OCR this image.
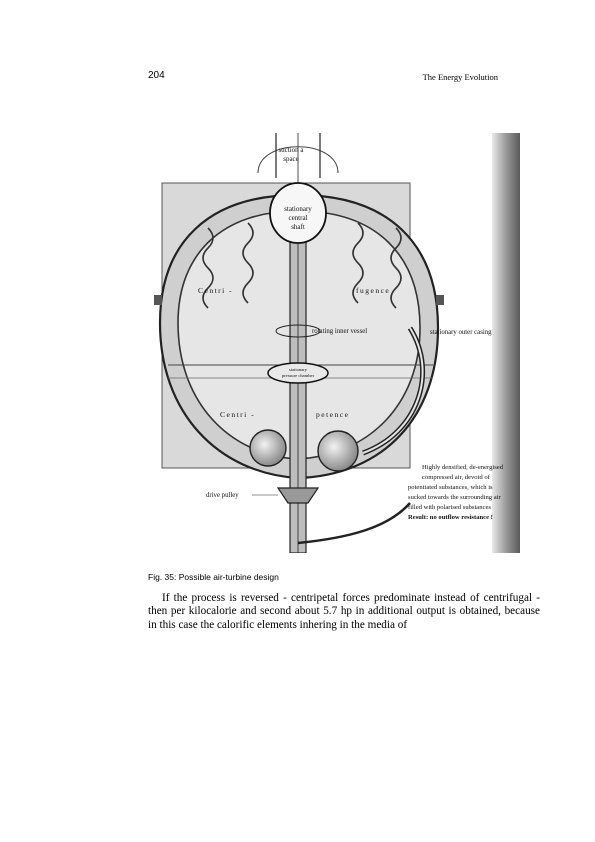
204	The Energy Evolution
suction a
space
stationary
central
shaft
Centri -	fugence
rotating inner vessel	stationary outer casing
stationary
pressure chamber
Centri -	petence
drive pulley
Highly densified, de-energised
compressed air, devoid of
potentiated substances, which is
sucked towards the surrounding air
filled with polarised substances
Result: no outflow resistance !
Fig. 35: Possible air-turbine design

If the process is reversed - centripetal forces predominate instead of centrifugal - then per kilocalorie and second about 5.7 hp in additional output is obtained, because in this case the calorific elements inhering in the media of
